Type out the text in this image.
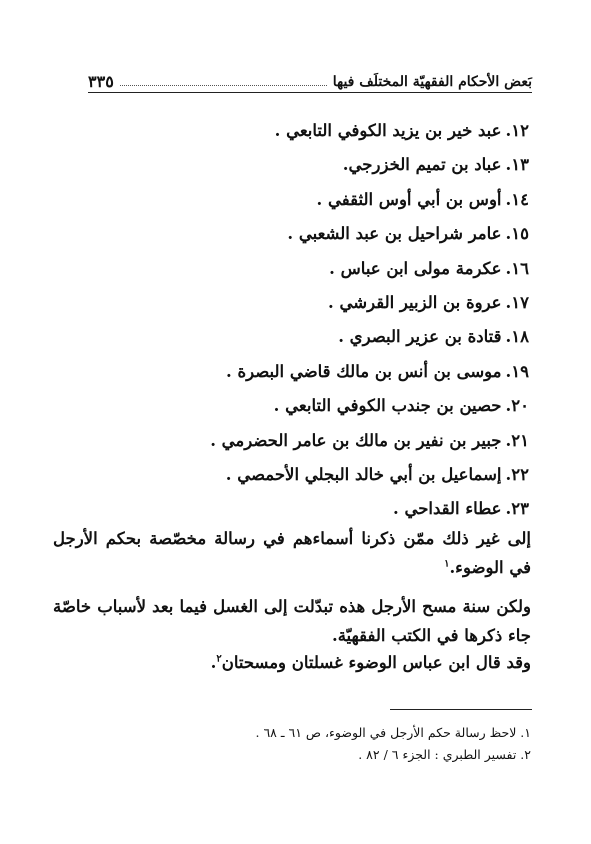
بَعض الأحكام الفقهيّة المختلَف فيها
٣٣٥
١٢.عبد خير بن يزيد الكوفي التابعي .
١٣.عباد بن تميم الخزرجي.
١٤.أوس بن أبي أوس الثقفي .
١٥.عامر شراحيل بن عبد الشعبي .
١٦.عكرمة مولى ابن عباس .
١٧.عروة بن الزبير القرشي .
١٨.قتادة بن عزير البصري .
١٩.موسى بن أنس بن مالك قاضي البصرة .
٢٠.حصين بن جندب الكوفي التابعي .
٢١.جبير بن نفير بن مالك بن عامر الحضرمي .
٢٢.إسماعيل بن أبي خالد البجلي الأحمصي .
٢٣.عطاء القداحي .
إلى غير ذلك ممّن ذكرنا أسماءهم في رسالة مخصّصة بحكم الأرجل في الوضوء.$^١$
ولكن سنة مسح الأرجل هذه تبدّلت إلى الغسل فيما بعد لأسباب خاصّة جاء ذكرها في الكتب الفقهيّة.
وقد قال ابن عباس الوضوء غسلتان ومسحتان$^٢$.
١. لاحظ رسالة حكم الأرجل في الوضوء، ص ٦١ ـ ٦٨ .
٢. تفسير الطبري : الجزء ٦ / ٨٢ .
